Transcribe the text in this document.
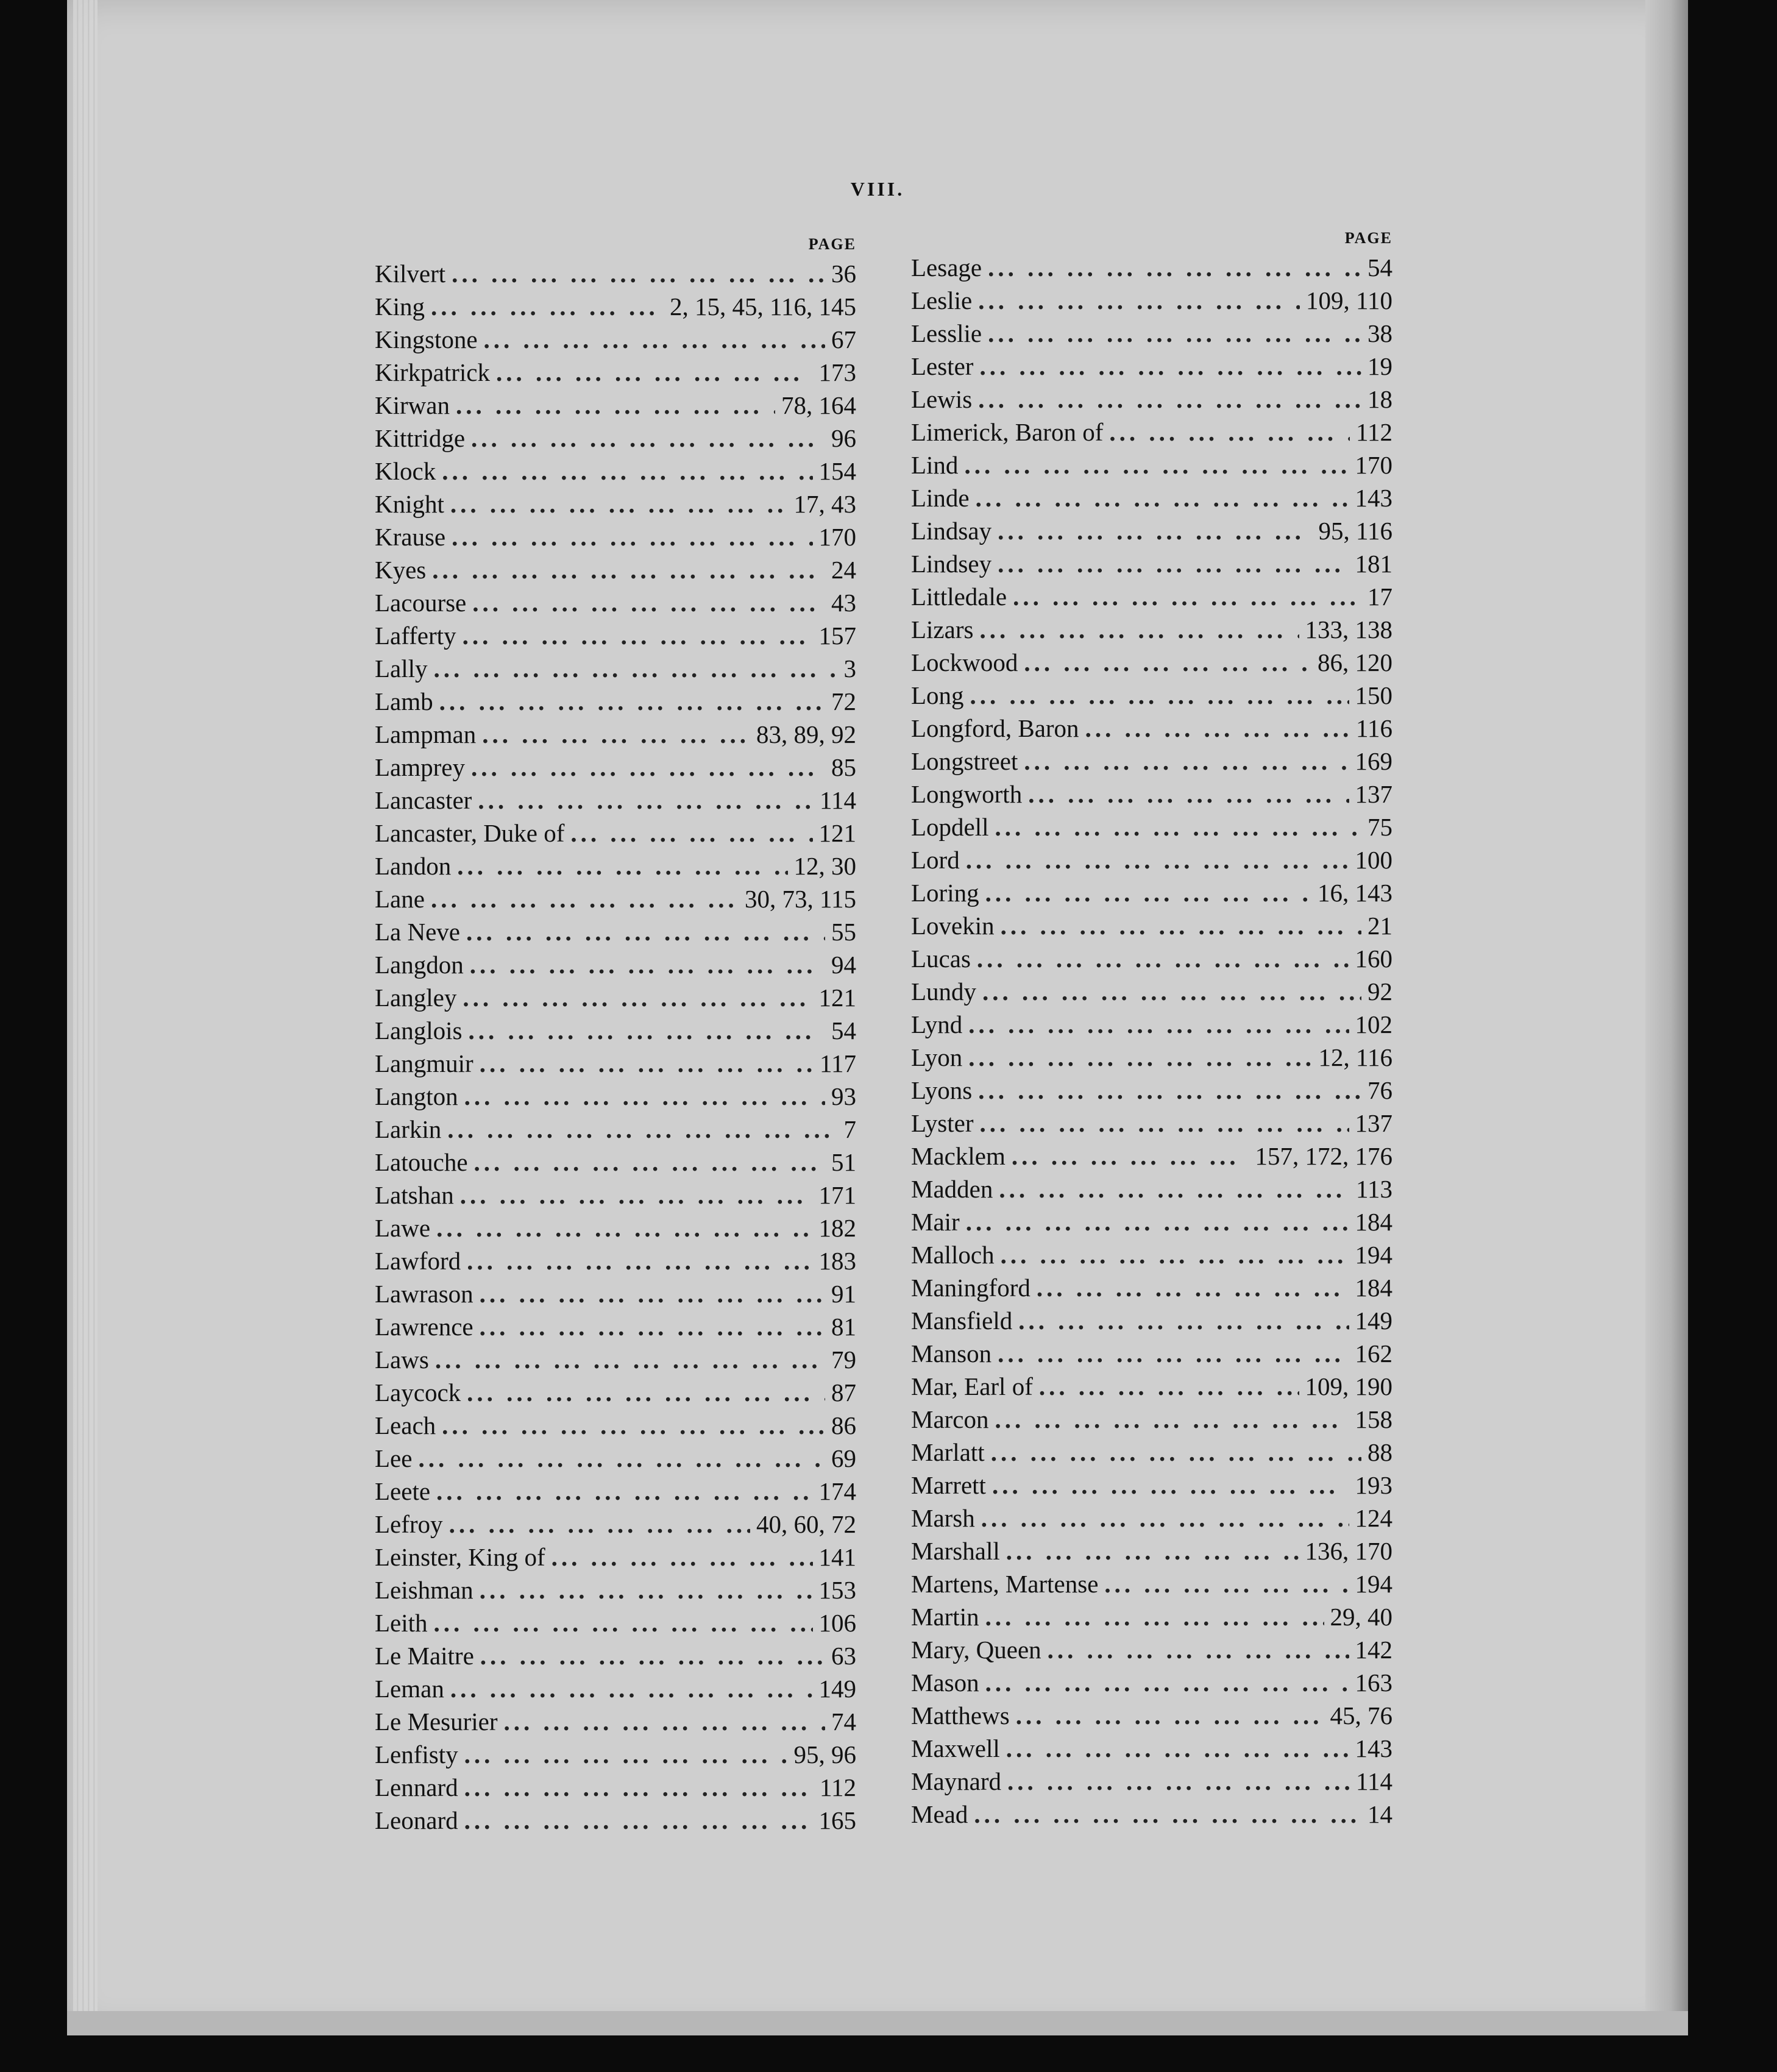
VIII.
PAGE
Kilvert ... .	36
King ... .	2, 15, 45, 116, 145
Kingstone ... .	67
Kirkpatrick ... .	173
Kirwan ... .	78, 164
Kittridge ... .	96
Klock ... .	154
Knight ... .	17, 43
Krause ... .	170
Kyes ... .	24
Lacourse ... .	43
Lafferty ... .	157
Lally ... .	3
Lamb ... .	72
Lampman ... .	83, 89, 92
Lamprey ... .	85
Lancaster ... .	114
Lancaster, Duke of ... .	121
Landon ... .	12, 30
Lane ... .	30, 73, 115
La Neve ... .	55
Langdon ... .	94
Langley ... .	121
Langlois ... .	54
Langmuir ... .	117
Langton ... .	93
Larkin ... .	7
Latouche ... .	51
Latshan ... .	171
Lawe ... .	182
Lawford ... .	183
Lawrason ... .	91
Lawrence ... .	81
Laws ... .	79
Laycock ... .	87
Leach ... .	86
Lee ... .	69
Leete ... .	174
Lefroy ... .	40, 60, 72
Leinster, King of ... .	141
Leishman ... .	153
Leith ... .	106
Le Maitre ... .	63
Leman ... .	149
Le Mesurier ... .	74
Lenfisty ... .	95, 96
Lennard ... .	112
Leonard ... .	165
PAGE
Lesage ... .	54
Leslie ... .	109, 110
Lesslie ... .	38
Lester ... .	19
Lewis ... .	18
Limerick, Baron of ... .	112
Lind ... .	170
Linde ... .	143
Lindsay ... .	95, 116
Lindsey ... .	181
Littledale ... .	17
Lizars ... .	133, 138
Lockwood ... .	86, 120
Long ... .	150
Longford, Baron ... .	116
Longstreet ... .	169
Longworth ... .	137
Lopdell ... .	75
Lord ... .	100
Loring ... .	16, 143
Lovekin ... .	21
Lucas ... .	160
Lundy ... .	92
Lynd ... .	102
Lyon ... .	12, 116
Lyons ... .	76
Lyster ... .	137
Macklem ... .	157, 172, 176
Madden ... .	113
Mair ... .	184
Malloch ... .	194
Maningford ... .	184
Mansfield ... .	149
Manson ... .	162
Mar, Earl of ... .	109, 190
Marcon ... .	158
Marlatt ... .	88
Marrett ... .	193
Marsh ... .	124
Marshall ... .	136, 170
Martens, Martense ... .	194
Martin ... .	29, 40
Mary, Queen ... .	142
Mason ... .	163
Matthews ... .	45, 76
Maxwell ... .	143
Maynard ... .	114
Mead ... .	14
